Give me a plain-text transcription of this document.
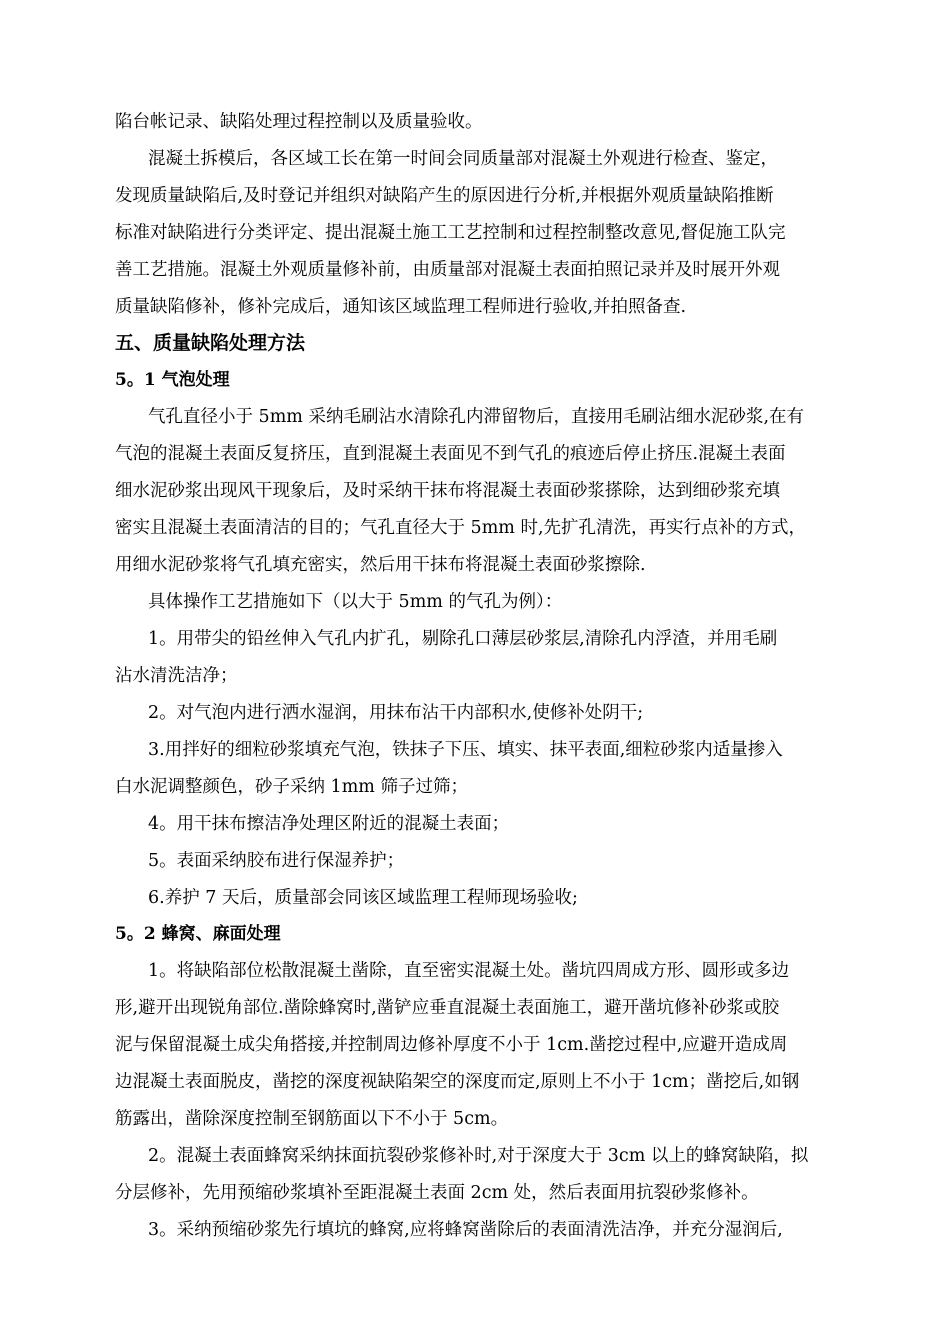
陷台帐记录、缺陷处理过程控制以及质量验收。
混凝土拆模后，各区域工长在第一时间会同质量部对混凝土外观进行检查、鉴定，
发现质量缺陷后,及时登记并组织对缺陷产生的原因进行分析,并根据外观质量缺陷推断
标准对缺陷进行分类评定、提出混凝土施工工艺控制和过程控制整改意见,督促施工队完
善工艺措施。混凝土外观质量修补前，由质量部对混凝土表面拍照记录并及时展开外观
质量缺陷修补，修补完成后，通知该区域监理工程师进行验收,并拍照备查.
五、质量缺陷处理方法
5。1 气泡处理
气孔直径小于 5mm 采纳毛刷沾水清除孔内滞留物后，直接用毛刷沾细水泥砂浆,在有
气泡的混凝土表面反复挤压，直到混凝土表面见不到气孔的痕迹后停止挤压.混凝土表面
细水泥砂浆出现风干现象后，及时采纳干抹布将混凝土表面砂浆搽除，达到细砂浆充填
密实且混凝土表面清洁的目的；气孔直径大于 5mm 时,先扩孔清洗，再实行点补的方式，
用细水泥砂浆将气孔填充密实，然后用干抹布将混凝土表面砂浆擦除.
具体操作工艺措施如下（以大于 5mm 的气孔为例）：
1。用带尖的铅丝伸入气孔内扩孔，剔除孔口薄层砂浆层,清除孔内浮渣，并用毛刷
沾水清洗洁净；
2。对气泡内进行洒水湿润，用抹布沾干内部积水,使修补处阴干;
3.用拌好的细粒砂浆填充气泡，铁抹子下压、填实、抹平表面,细粒砂浆内适量掺入
白水泥调整颜色，砂子采纳 1mm 筛子过筛；
4。用干抹布擦洁净处理区附近的混凝土表面；
5。表面采纳胶布进行保湿养护；
6.养护 7 天后，质量部会同该区域监理工程师现场验收;
5。2 蜂窝、麻面处理
1。将缺陷部位松散混凝土凿除，直至密实混凝土处。凿坑四周成方形、圆形或多边
形,避开出现锐角部位.凿除蜂窝时,凿铲应垂直混凝土表面施工，避开凿坑修补砂浆或胶
泥与保留混凝土成尖角搭接,并控制周边修补厚度不小于 1cm.凿挖过程中,应避开造成周
边混凝土表面脱皮，凿挖的深度视缺陷架空的深度而定,原则上不小于 1cm；凿挖后,如钢
筋露出，凿除深度控制至钢筋面以下不小于 5cm。
2。混凝土表面蜂窝采纳抹面抗裂砂浆修补时,对于深度大于 3cm 以上的蜂窝缺陷，拟
分层修补，先用预缩砂浆填补至距混凝土表面 2cm 处，然后表面用抗裂砂浆修补。
3。采纳预缩砂浆先行填坑的蜂窝,应将蜂窝凿除后的表面清洗洁净，并充分湿润后,
